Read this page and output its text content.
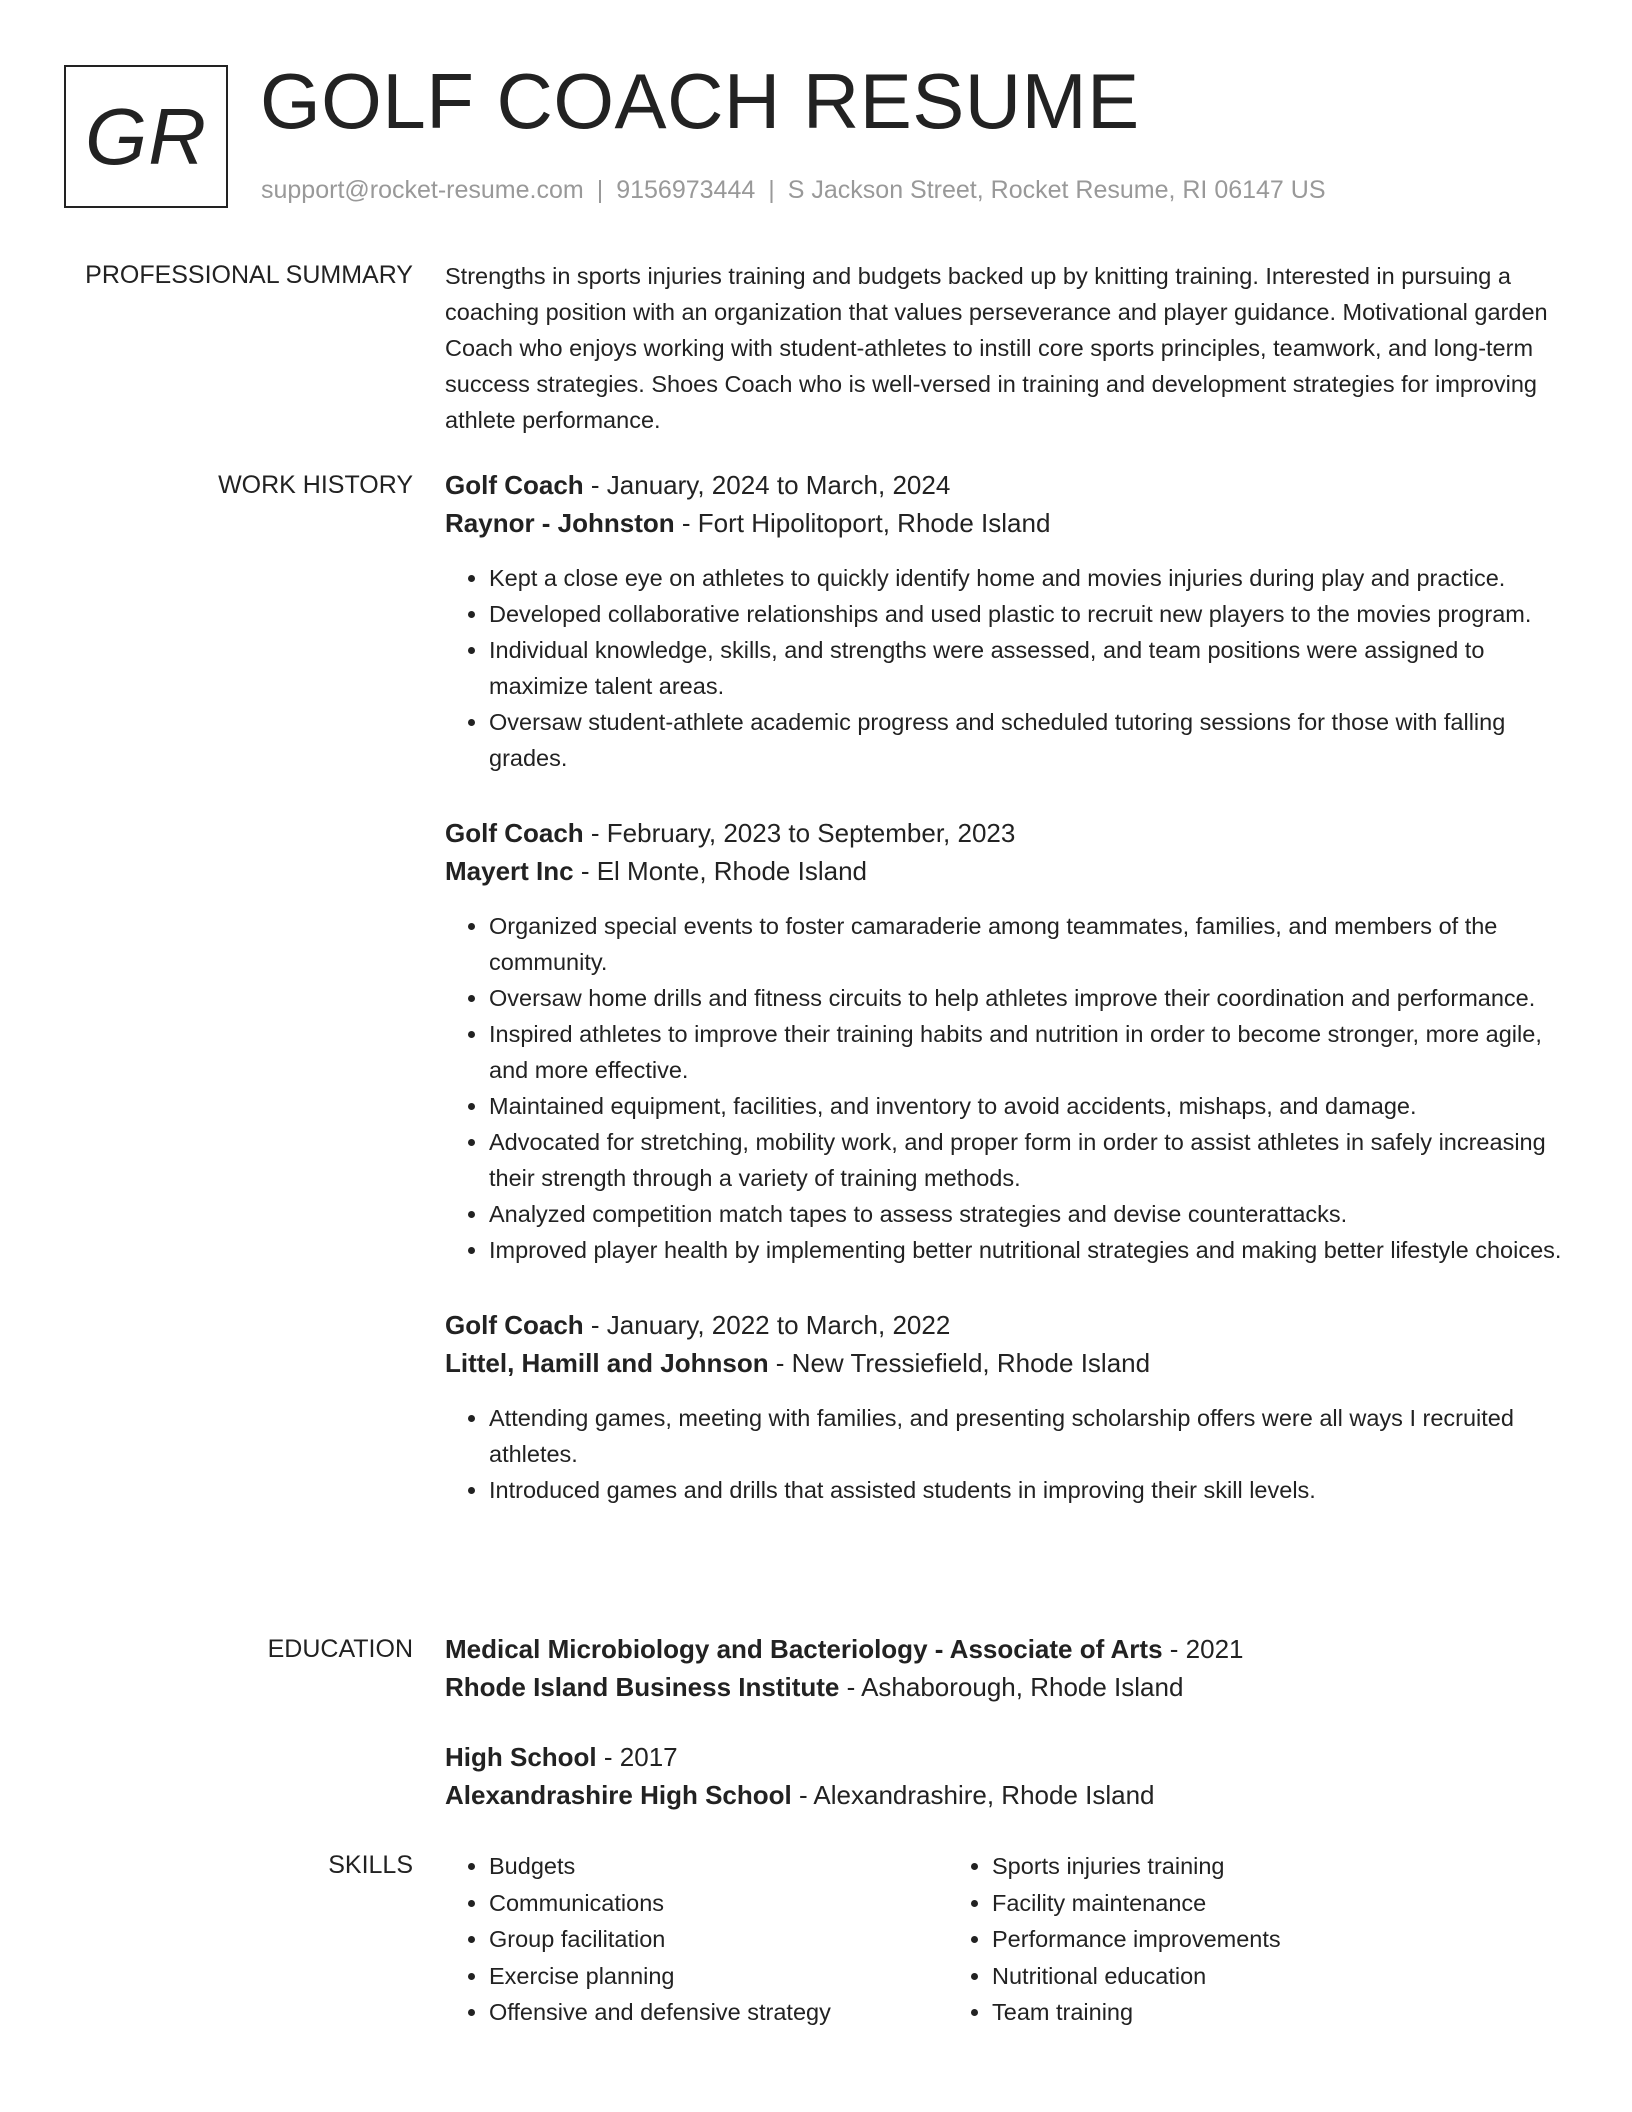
GR GOLF COACH RESUME
support@rocket-resume.com | 9156973444 | S Jackson Street, Rocket Resume, RI 06147 US
PROFESSIONAL SUMMARY Strengths in sports injuries training and budgets backed up by knitting training. Interested in pursuing a coaching position with an organization that values perseverance and player guidance. Motivational garden Coach who enjoys working with student-athletes to instill core sports principles, teamwork, and long-term success strategies. Shoes Coach who is well-versed in training and development strategies for improving athlete performance.

WORK HISTORY Golf Coach - January, 2024 to March, 2024
Raynor - Johnston - Fort Hipolitoport, Rhode Island
• Kept a close eye on athletes to quickly identify home and movies injuries during play and practice.
• Developed collaborative relationships and used plastic to recruit new players to the movies program.
• Individual knowledge, skills, and strengths were assessed, and team positions were assigned to maximize talent areas.
• Oversaw student-athlete academic progress and scheduled tutoring sessions for those with falling grades.
Golf Coach - February, 2023 to September, 2023
Mayert Inc - El Monte, Rhode Island
• Organized special events to foster camaraderie among teammates, families, and members of the community.
• Oversaw home drills and fitness circuits to help athletes improve their coordination and performance.
• Inspired athletes to improve their training habits and nutrition in order to become stronger, more agile, and more effective.
• Maintained equipment, facilities, and inventory to avoid accidents, mishaps, and damage.
• Advocated for stretching, mobility work, and proper form in order to assist athletes in safely increasing their strength through a variety of training methods.
• Analyzed competition match tapes to assess strategies and devise counterattacks.
• Improved player health by implementing better nutritional strategies and making better lifestyle choices.
Golf Coach - January, 2022 to March, 2022
Littel, Hamill and Johnson - New Tressiefield, Rhode Island
• Attending games, meeting with families, and presenting scholarship offers were all ways I recruited athletes.
• Introduced games and drills that assisted students in improving their skill levels.
EDUCATION Medical Microbiology and Bacteriology - Associate of Arts - 2021
Rhode Island Business Institute - Ashaborough, Rhode Island
High School - 2017
Alexandrashire High School - Alexandrashire, Rhode Island
SKILLS
•	Budgets
• Communications
• Group facilitation
• Exercise planning
• Offensive and defensive strategy
• Sports injuries training
• Facility maintenance
• Performance improvements
• Nutritional education
• Team training
